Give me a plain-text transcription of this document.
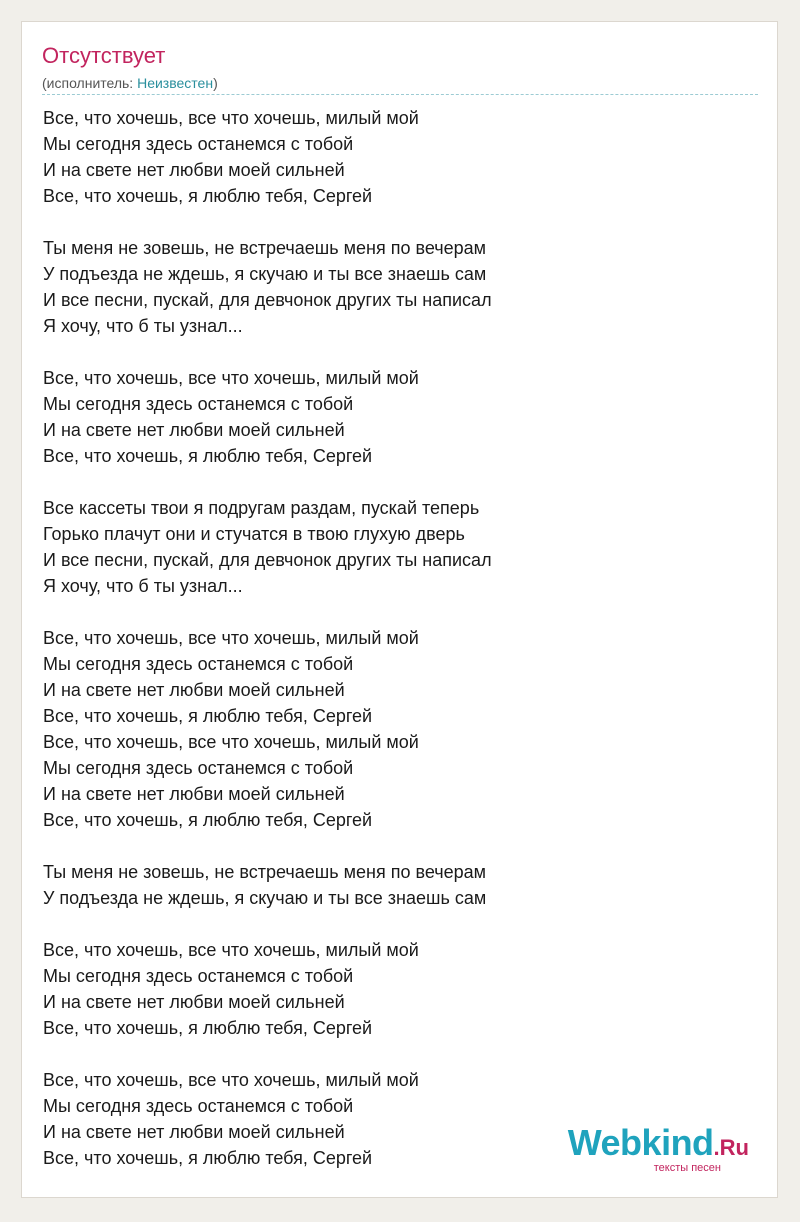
Отсутствует
(исполнитель: Неизвестен)
Все, что хочешь, все что хочешь, милый мой
Мы сегодня здесь останемся с тобой
И на свете нет любви моей сильней
Все, что хочешь, я люблю тебя, Сергей
Ты меня не зовешь, не встречаешь меня по вечерам
У подъезда не ждешь, я скучаю и ты все знаешь сам
И все песни, пускай, для девчонок других ты написал
Я хочу, что б ты узнал...
Все, что хочешь, все что хочешь, милый мой
Мы сегодня здесь останемся с тобой
И на свете нет любви моей сильней
Все, что хочешь, я люблю тебя, Сергей
Все кассеты твои я подругам раздам, пускай теперь
Горько плачут они и стучатся в твою глухую дверь
И все песни, пускай, для девчонок других ты написал
Я хочу, что б ты узнал...
Все, что хочешь, все что хочешь, милый мой
Мы сегодня здесь останемся с тобой
И на свете нет любви моей сильней
Все, что хочешь, я люблю тебя, Сергей
Все, что хочешь, все что хочешь, милый мой
Мы сегодня здесь останемся с тобой
И на свете нет любви моей сильней
Все, что хочешь, я люблю тебя, Сергей
Ты меня не зовешь, не встречаешь меня по вечерам
У подъезда не ждешь, я скучаю и ты все знаешь сам
Все, что хочешь, все что хочешь, милый мой
Мы сегодня здесь останемся с тобой
И на свете нет любви моей сильней
Все, что хочешь, я люблю тебя, Сергей
Все, что хочешь, все что хочешь, милый мой
Мы сегодня здесь останемся с тобой
И на свете нет любви моей сильней
Все, что хочешь, я люблю тебя, Сергей	Webkind.Ru
тексты песен
